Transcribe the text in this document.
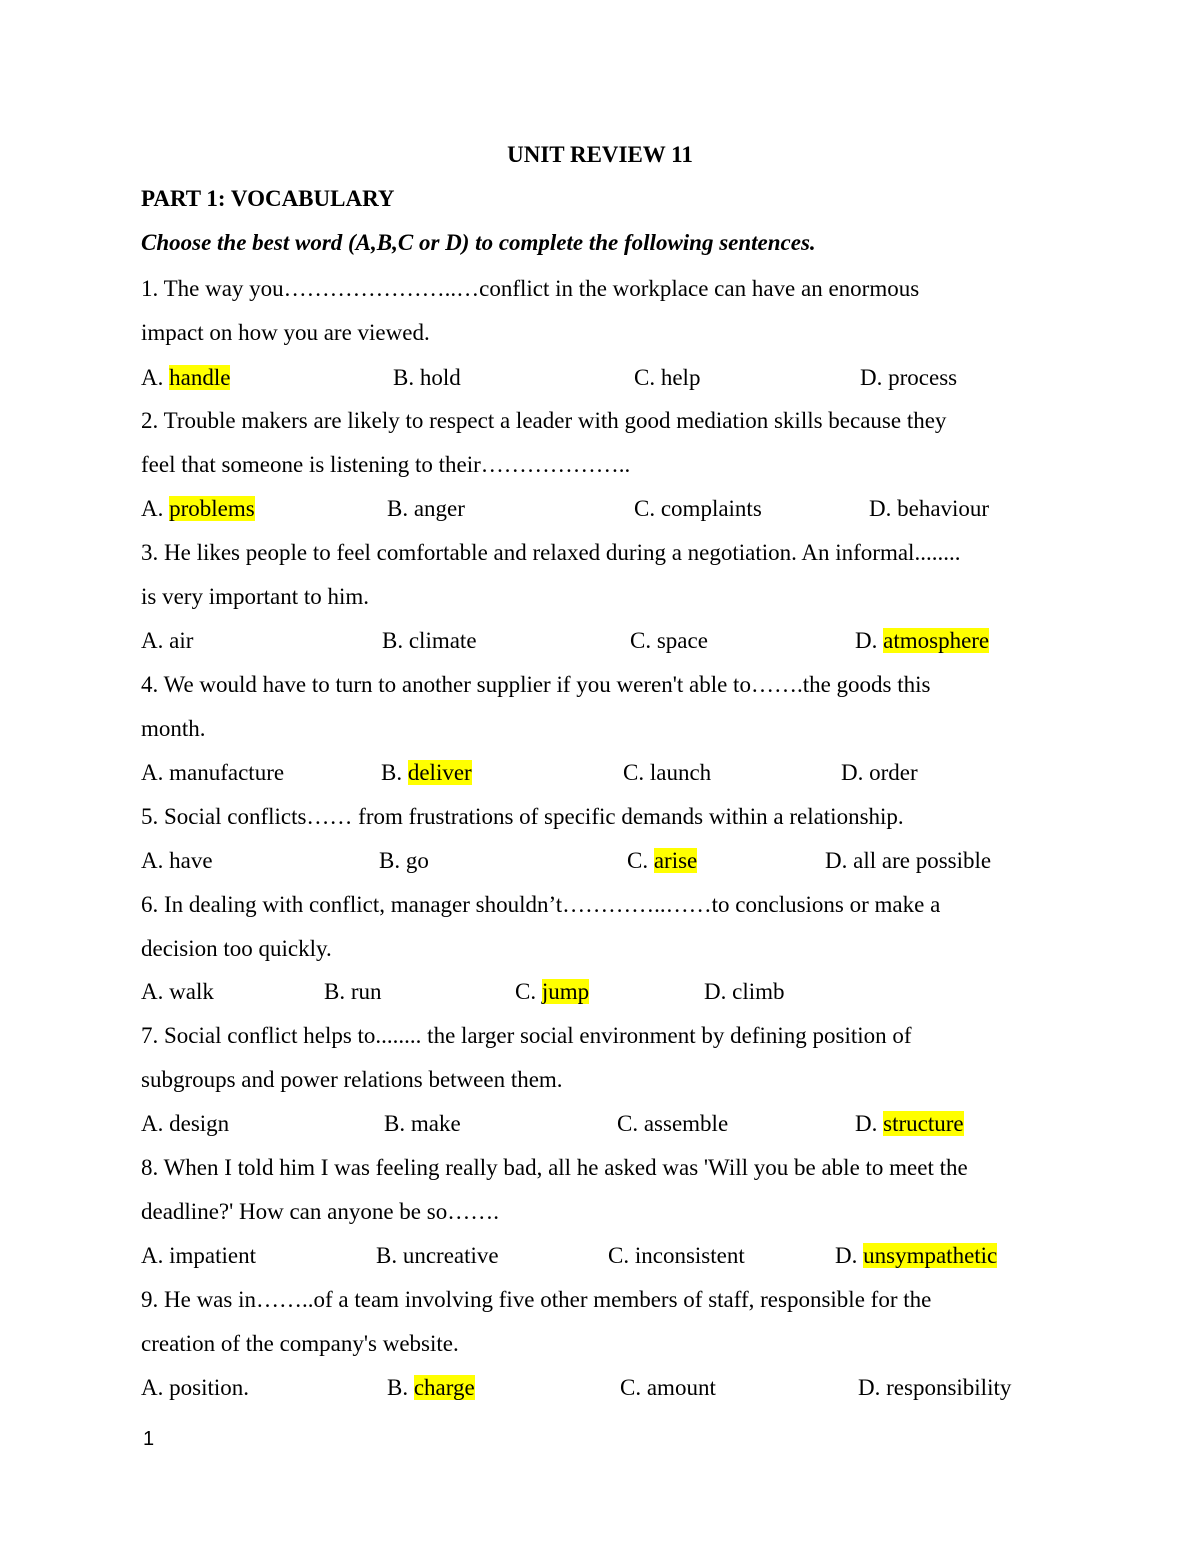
UNIT REVIEW 11
PART 1: VOCABULARY
Choose the best word (A,B,C or D) to complete the following sentences.
1. The way you…………………..…conflict in the workplace can have an enormous
impact on how you are viewed.
A. handle	B. hold	C. help	D. process
2. Trouble makers are likely to respect a leader with good mediation skills because they
feel that someone is listening to their………………..
A. problems	B. anger	C. complaints	D. behaviour
3. He likes people to feel comfortable and relaxed during a negotiation. An informal........
is very important to him.
A. air	B. climate	C. space	D. atmosphere
4. We would have to turn to another supplier if you weren't able to…….the goods this
month.
A. manufacture	B. deliver	C. launch	D. order
5. Social conflicts…… from frustrations of specific demands within a relationship.
A. have	B. go	C. arise	D. all are possible
6. In dealing with conflict, manager shouldn’t…………..……to conclusions or make a
decision too quickly.
A. walk	B. run	C. jump	D. climb
7. Social conflict helps to........ the larger social environment by defining position of
subgroups and power relations between them.
A. design	B. make	C. assemble	D. structure
8. When I told him I was feeling really bad, all he asked was 'Will you be able to meet the
deadline?' How can anyone be so…….
A. impatient	B. uncreative	C. inconsistent	D. unsympathetic
9. He was in……..of a team involving five other members of staff, responsible for the
creation of the company's website.
A. position.	B. charge	C. amount	D. responsibility
1
